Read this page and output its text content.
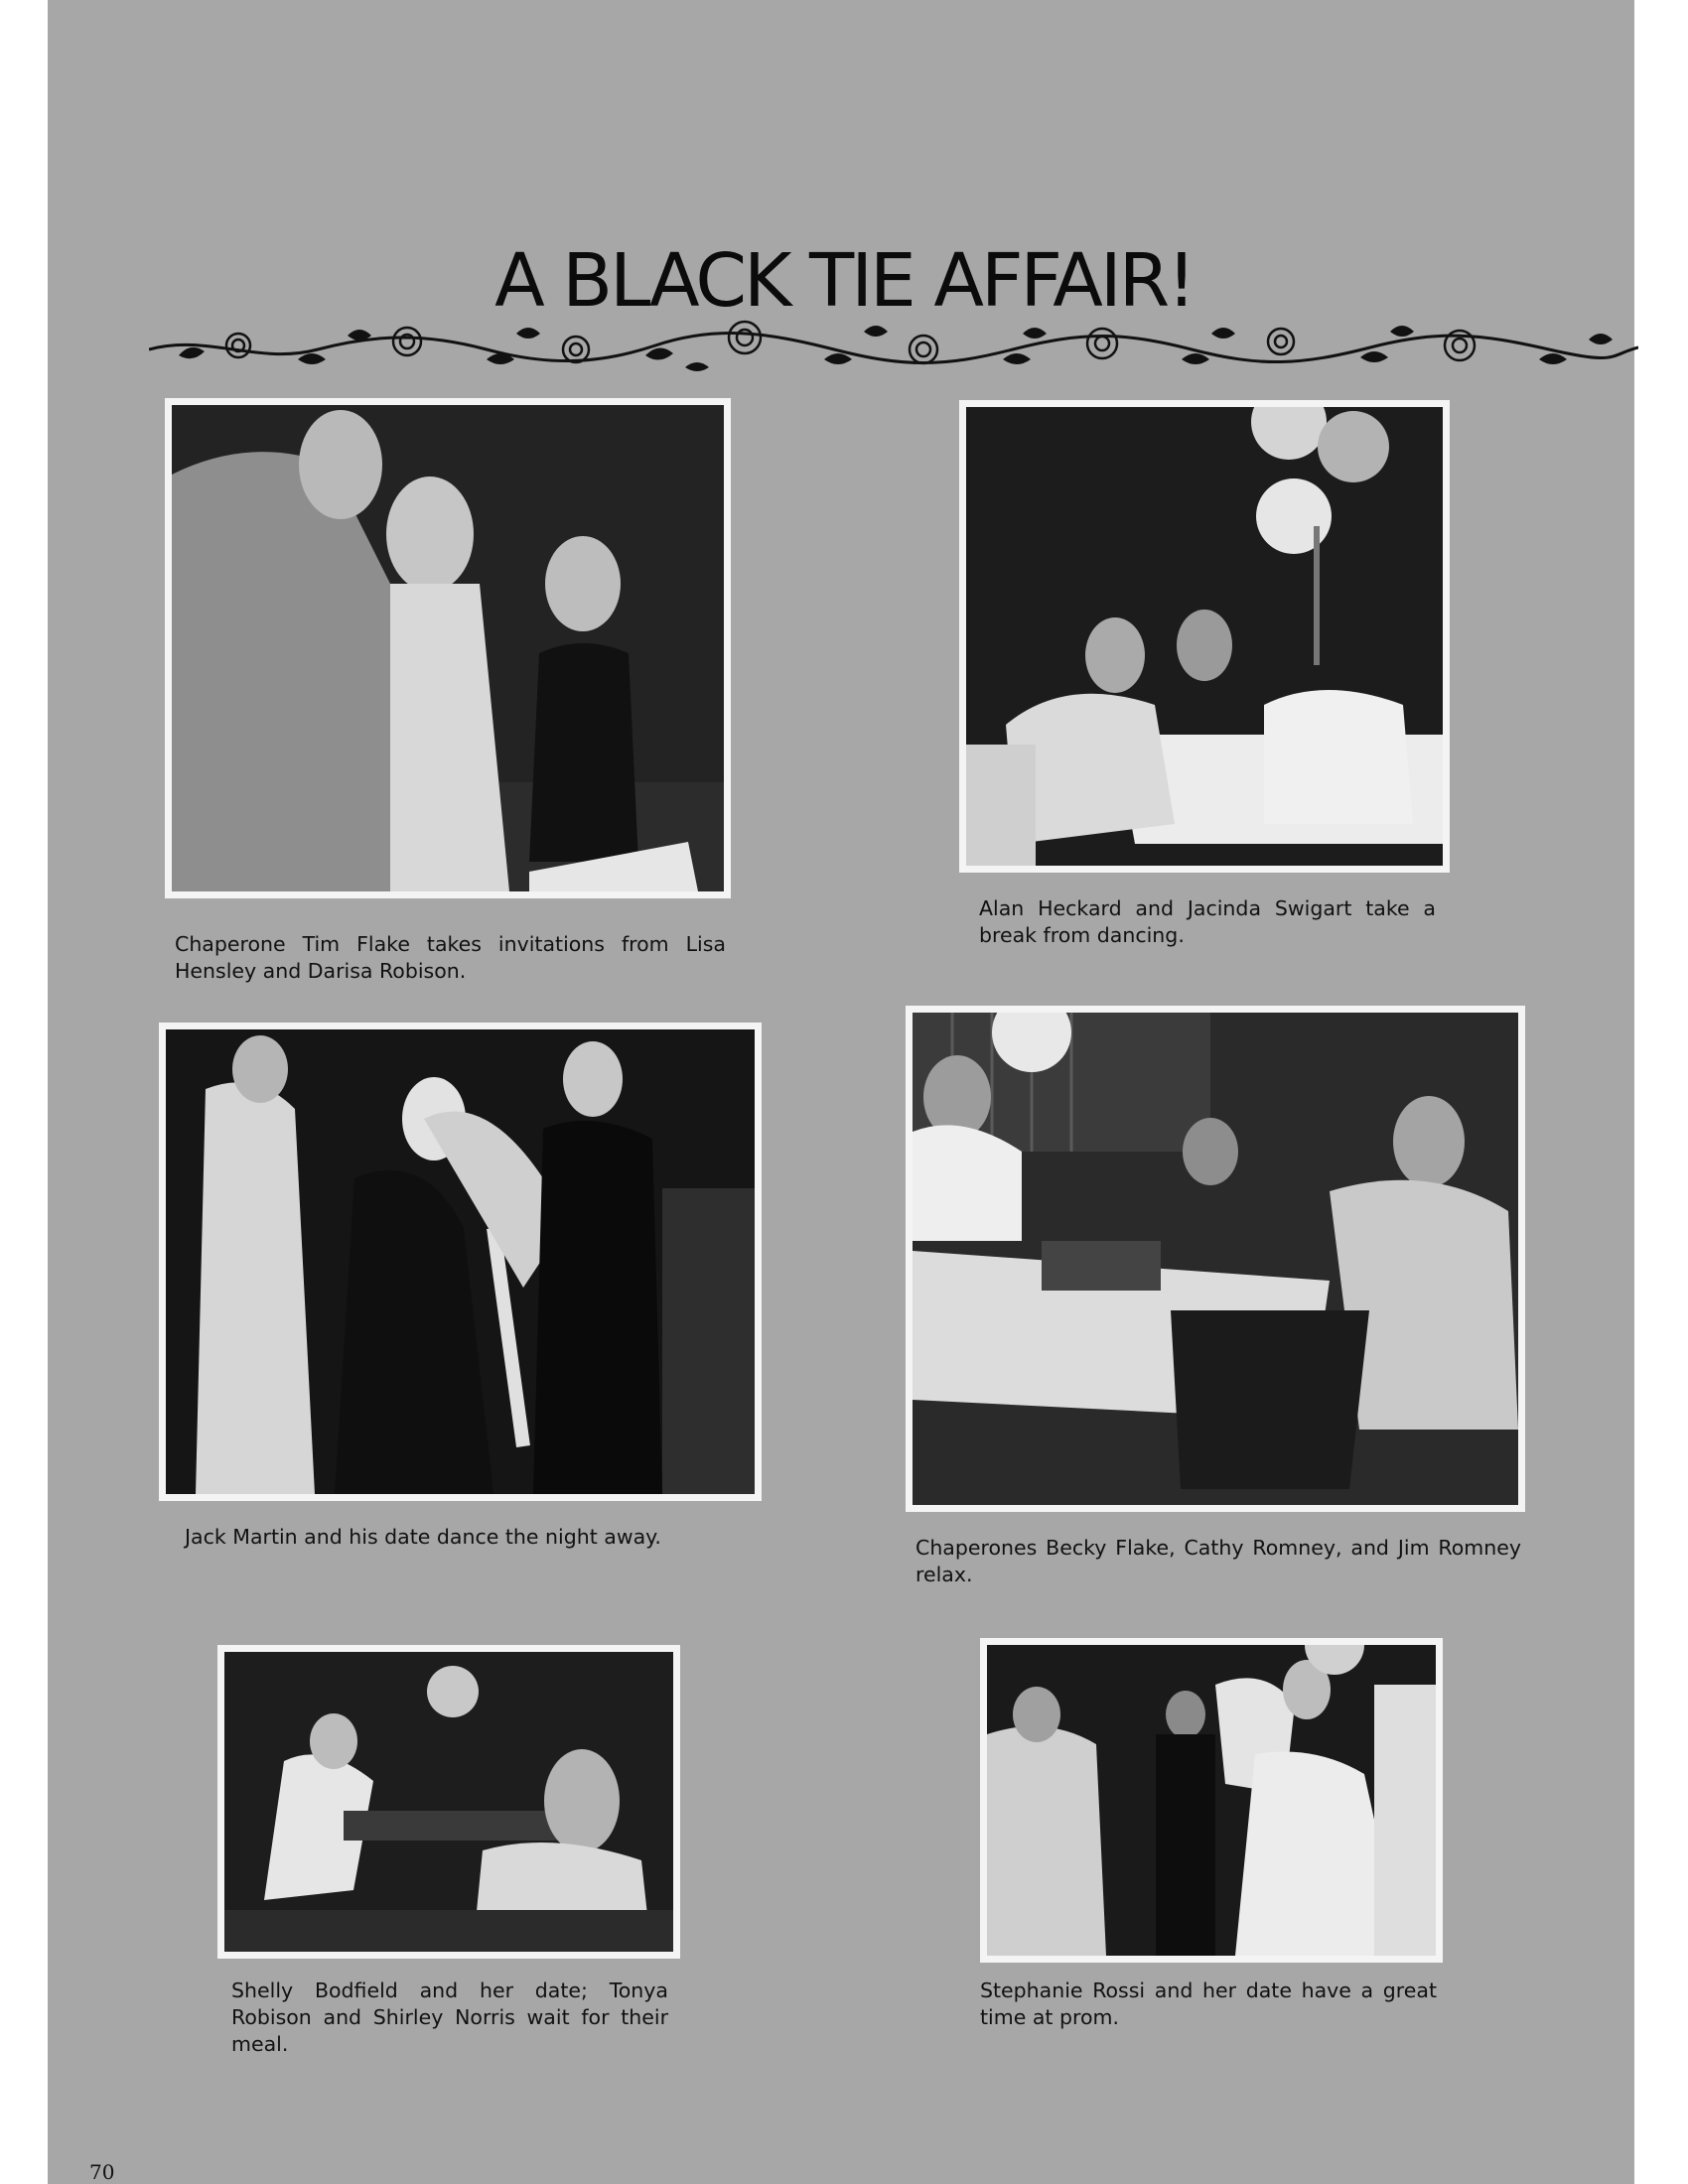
A BLACK TIE AFFAIR!
Chaperone Tim Flake takes invitations from Lisa Hensley and Darisa Robison.
Alan Heckard and Jacinda Swigart take a break from dancing.
Jack Martin and his date dance the night away.	Chaperones Becky Flake, Cathy Romney, and Jim Romney relax.
Shelly Bodfield and her date; Tonya Robison and Shirley Norris wait for their meal.
Stephanie Rossi and her date have a great time at prom.
70
